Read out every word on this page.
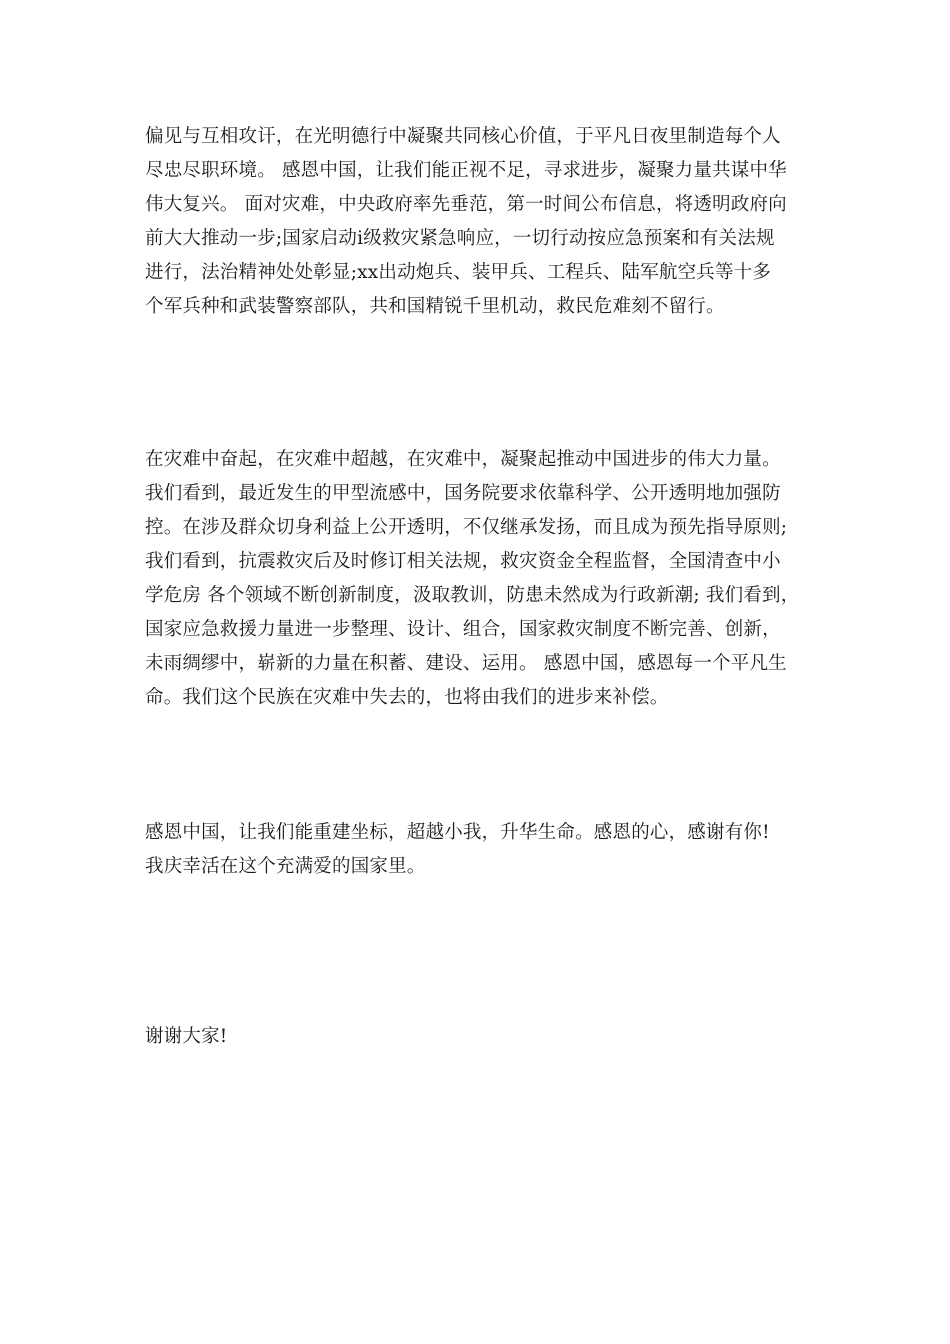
偏见与互相攻讦，在光明德行中凝聚共同核心价值，于平凡日夜里制造每个人
尽忠尽职环境。 感恩中国，让我们能正视不足，寻求进步，凝聚力量共谋中华
伟大复兴。 面对灾难，中央政府率先垂范，第一时间公布信息，将透明政府向
前大大推动一步;国家启动ⅰ级救灾紧急响应，一切行动按应急预案和有关法规
进行，法治精神处处彰显;xx出动炮兵、装甲兵、工程兵、陆军航空兵等十多
个军兵种和武装警察部队，共和国精锐千里机动，救民危难刻不留行。

在灾难中奋起，在灾难中超越，在灾难中，凝聚起推动中国进步的伟大力量。
我们看到，最近发生的甲型流感中，国务院要求依靠科学、公开透明地加强防
控。在涉及群众切身利益上公开透明，不仅继承发扬，而且成为预先指导原则;
我们看到，抗震救灾后及时修订相关法规，救灾资金全程监督，全国清查中小
学危房 各个领域不断创新制度，汲取教训，防患未然成为行政新潮; 我们看到，
国家应急救援力量进一步整理、设计、组合，国家救灾制度不断完善、创新，
未雨绸缪中，崭新的力量在积蓄、建设、运用。 感恩中国，感恩每一个平凡生
命。我们这个民族在灾难中失去的，也将由我们的进步来补偿。

感恩中国，让我们能重建坐标，超越小我，升华生命。感恩的心，感谢有你!
我庆幸活在这个充满爱的国家里。

谢谢大家!
